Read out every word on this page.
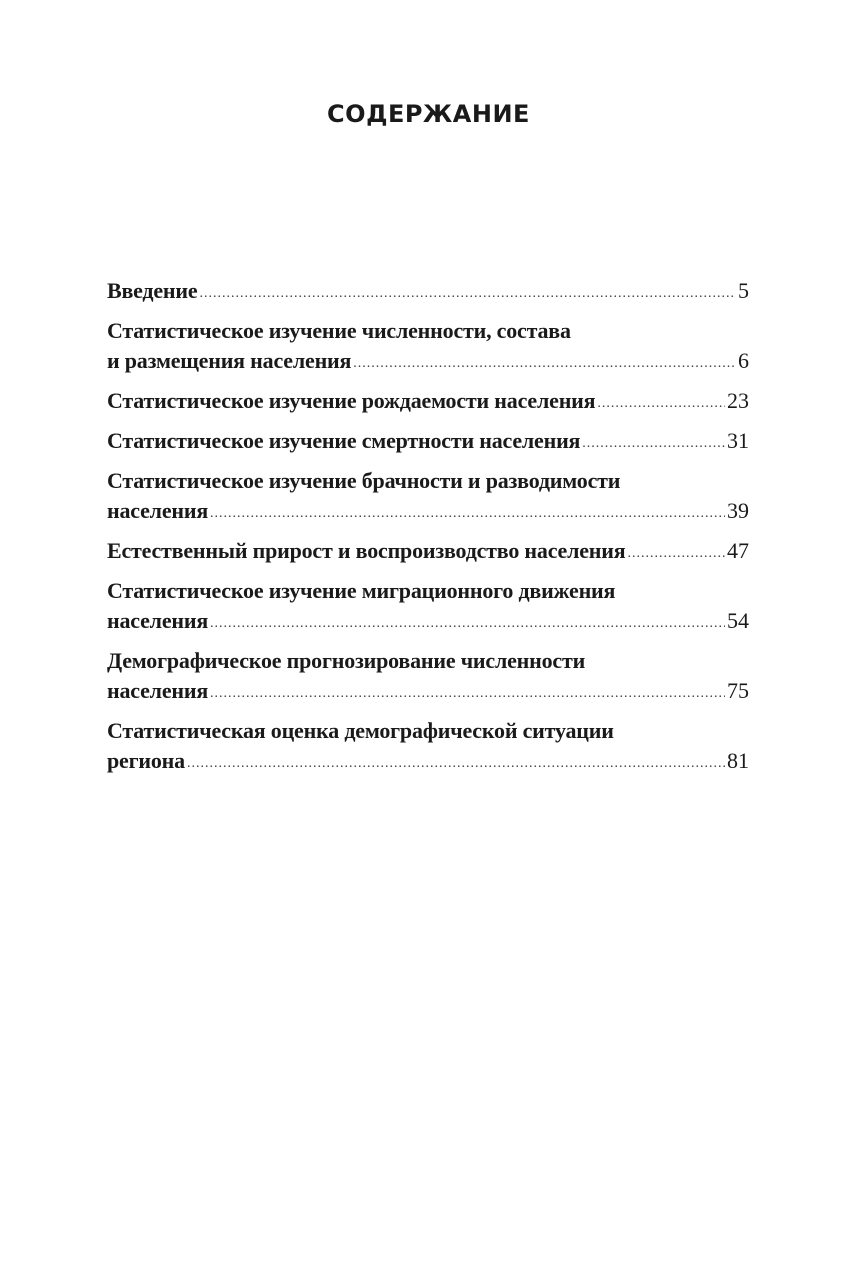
СОДЕРЖАНИЕ
Введение .....	5
Статистическое изучение численности, состава
и размещения населения .....	6
Статистическое изучение рождаемости населения .....	23
Статистическое изучение смертности населения .....	31
Статистическое изучение брачности и разводимости
населения .....	39
Естественный прирост и воспроизводство населения .....	47
Статистическое изучение миграционного движения
населения .....	54
Демографическое прогнозирование численности
населения .....	75
Статистическая оценка демографической ситуации
региона .....	81
